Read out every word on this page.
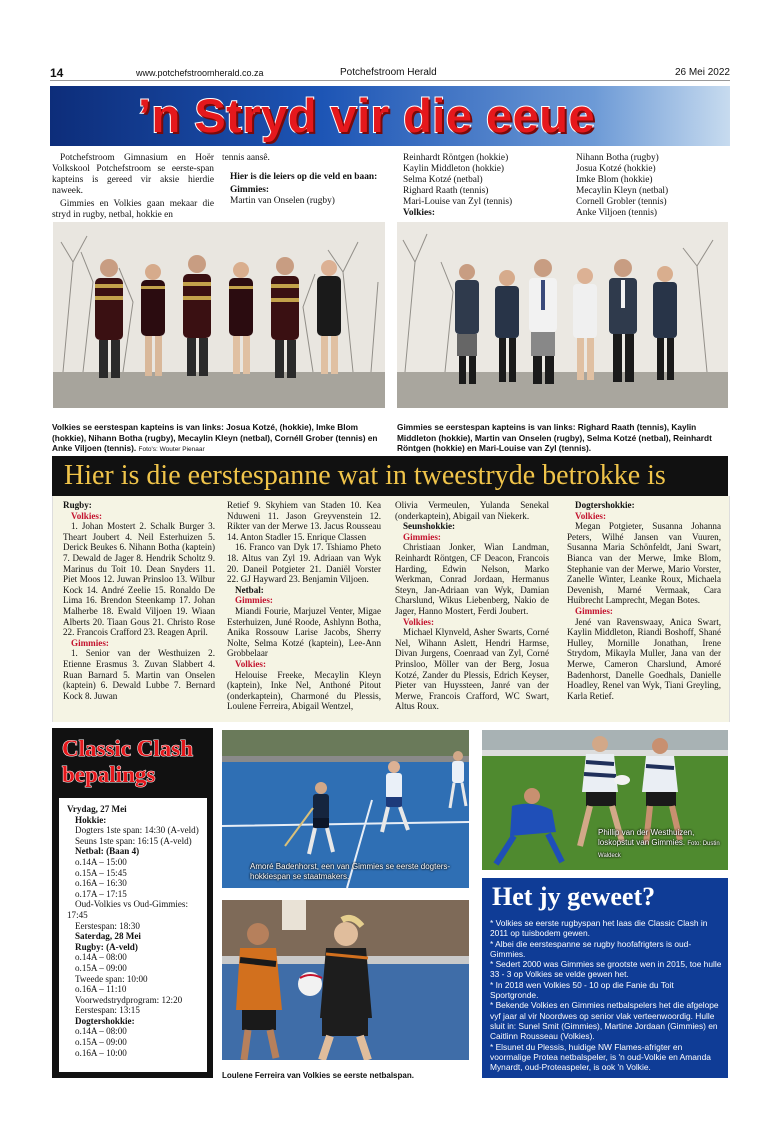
14	www.potchefstroomherald.co.za	Potchefstroom Herald	26 Mei 2022
’n Stryd vir die eeue

Potchefstroom Gimnasium en Hoër Volkskool Potchefstroom se eerste-span kapteins is gereed vir aksie hierdie naweek.

Gimmies en Volkies gaan mekaar die stryd in rugby, netbal, hokkie en

tennis aansê.

Hier is die leiers op die veld en baan:

Gimmies:

Martin van Onselen (rugby)

Reinhardt Röntgen (hokkie)

Kaylin Middleton (hokkie)

Selma Kotzé (netbal)

Righard Raath (tennis)

Mari-Louise van Zyl (tennis)

Volkies:

Nihann Botha (rugby)

Josua Kotzé (hokkie)

Imke Blom (hokkie)

Mecaylin Kleyn (netbal)

Cornell Grobler (tennis)

Anke Viljoen (tennis)

Volkies se eerstespan kapteins is van links: Josua Kotzé, (hokkie), Imke Blom (hokkie), Nihann Botha (rugby), Mecaylin Kleyn (netbal), Cornéll Grober (tennis) en Anke Viljoen (tennis). Foto's: Wouter Pienaar
Gimmies se eerstespan kapteins is van links: Righard Raath (tennis), Kaylin Middleton (hokkie), Martin van Onselen (rugby), Selma Kotzé (netbal), Reinhardt Röntgen (hokkie) en Mari-Louise van Zyl (tennis).
Hier is die eerstespanne wat in tweestryde betrokke is

Rugby:

Volkies:

1. Johan Mostert 2. Schalk Burger 3. Theart Joubert 4. Neil Esterhuizen 5. Derick Beukes 6. Nihann Botha (kaptein) 7. Dewald de Jager 8. Hendrik Scholtz 9. Marinus du Toit 10. Dean Snyders 11. Piet Moos 12. Juwan Prinsloo 13. Wilbur Kock 14. André Zeelie 15. Ronaldo De Lima 16. Brendon Steenkamp 17. Johan Malherbe 18. Ewald Viljoen 19. Wiaan Alberts 20. Tiaan Gous 21. Christo Rose 22. Francois Crafford 23. Reagen April.

Gimmies:

1. Senior van der Westhuizen 2. Etienne Erasmus 3. Zuvan Slabbert 4. Ruan Barnard 5. Martin van Onselen (kaptein) 6. Dewald Lubbe 7. Bernard Kock 8. Juwan

Retief 9. Skyhiem van Staden 10. Kea Nduweni 11. Jason Greyvenstein 12. Rikter van der Merwe 13. Jacus Rousseau 14. Anton Stadler 15. Enrique Classen

16. Franco van Dyk 17. Tshiamo Pheto 18. Altus van Zyl 19. Adriaan van Wyk 20. Daneil Potgieter 21. Daniël Vorster 22. GJ Hayward 23. Benjamin Viljoen.

Netbal:

Gimmies:

Miandi Fourie, Marjuzel Venter, Migae Esterhuizen, Juné Roode, Ashlynn Botha, Anika Rossouw Larise Jacobs, Sherry Nolte, Selma Kotzé (kaptein), Lee-Ann Grobbelaar

Volkies:

Helouise Freeke, Mecaylin Kleyn (kaptein), Inke Nel, Anthoné Pitout (onderkaptein), Charmoné du Plessis, Loulene Ferreira, Abigail Wentzel,

Olivia Vermeulen, Yulanda Senekal (onderkaptein), Abigail van Niekerk.

Seunshokkie:

Gimmies:

Christiaan Jonker, Wian Landman, Reinhardt Röntgen, CF Deacon, Francois Harding, Edwin Nelson, Marko Werkman, Conrad Jordaan, Hermanus Steyn, Jan-Adriaan van Wyk, Damian Charslund, Wikus Liebenberg, Nakio de Jager, Hanno Mostert, Ferdi Joubert.

Volkies:

Michael Klynveld, Asher Swarts, Corné Nel, Wihann Aslett, Hendri Harmse, Divan Jurgens, Coenraad van Zyl, Corné Prinsloo, Möller van der Berg, Josua Kotzé, Zander du Plessis, Edrich Keyser, Pieter van Huyssteen, Janré van der Merwe, Francois Crafford, WC Swart, Altus Roux.

Dogtershokkie:

Volkies:

Megan Potgieter, Susanna Johanna Peters, Wilhé Jansen van Vuuren, Susanna Maria Schönfeldt, Jani Swart, Bianca van der Merwe, Imke Blom, Stephanie van der Merwe, Mario Vorster, Zanelle Winter, Leanke Roux, Michaela Devenish, Marné Vermaak, Cara Huibrecht Lamprecht, Megan Botes.

Gimmies:

Jené van Ravenswaay, Anica Swart, Kaylin Middleton, Riandi Boshoff, Shané Hulley, Mornille Jonathan, Irene Strydom, Mikayla Muller, Jana van der Merwe, Cameron Charslund, Amoré Badenhorst, Danelle Goedhals, Danielle Hoadley, Renel van Wyk, Tiani Greyling, Karla Retief.

Classic Clash
bepalings

Vrydag, 27 Mei

Hokkie:

Dogters 1ste span: 14:30 (A-veld)

Seuns 1ste span: 16:15 (A-veld)

Netbal: (Baan 4)

o.14A – 15:00

o.15A – 15:45

o.16A – 16:30

o.17A – 17:15

Oud-Volkies vs Oud-Gimmies: 17:45

Eerstespan: 18:30

Saterdag, 28 Mei

Rugby: (A-veld)

o.14A – 08:00

o.15A – 09:00

Tweede span: 10:00

o.16A – 11:10

Voorwedstrydprogram: 12:20

Eerstespan: 13:15

Dogtershokkie:

o.14A – 08:00

o.15A – 09:00

o.16A – 10:00

Amoré Badenhorst, een van Gimmies se eerste dogters-hokkiespan se staatmakers.
Phillip van der Westhuizen, loskopstut van Gimmies. Foto: Dustin Waldeck
Loulene Ferreira van Volkies se eerste netbalspan.
Het jy geweet?

* Volkies se eerste rugbyspan het laas die Classic Clash in 2011 op tuisbodem gewen.

* Albei die eerstespanne se rugby hoofafrigters is oud-Gimmies.

* Sedert 2000 was Gimmies se grootste wen in 2015, toe hulle 33 - 3 op Volkies se velde gewen het.

* In 2018 wen Volkies 50 - 10 op die Fanie du Toit Sportgronde.

* Bekende Volkies en Gimmies netbalspelers het die afgelope vyf jaar al vir Noordwes op senior vlak verteenwoordig. Hulle sluit in: Sunel Smit (Gimmies), Martine Jordaan (Gimmies) en Caitlinn Rousseau (Volkies).

* Elsunet du Plessis, huidige NW Flames-afrigter en voormalige Protea netbalspeler, is 'n oud-Volkie en Amanda Mynardt, oud-Proteaspeler, is ook 'n Volkie.
